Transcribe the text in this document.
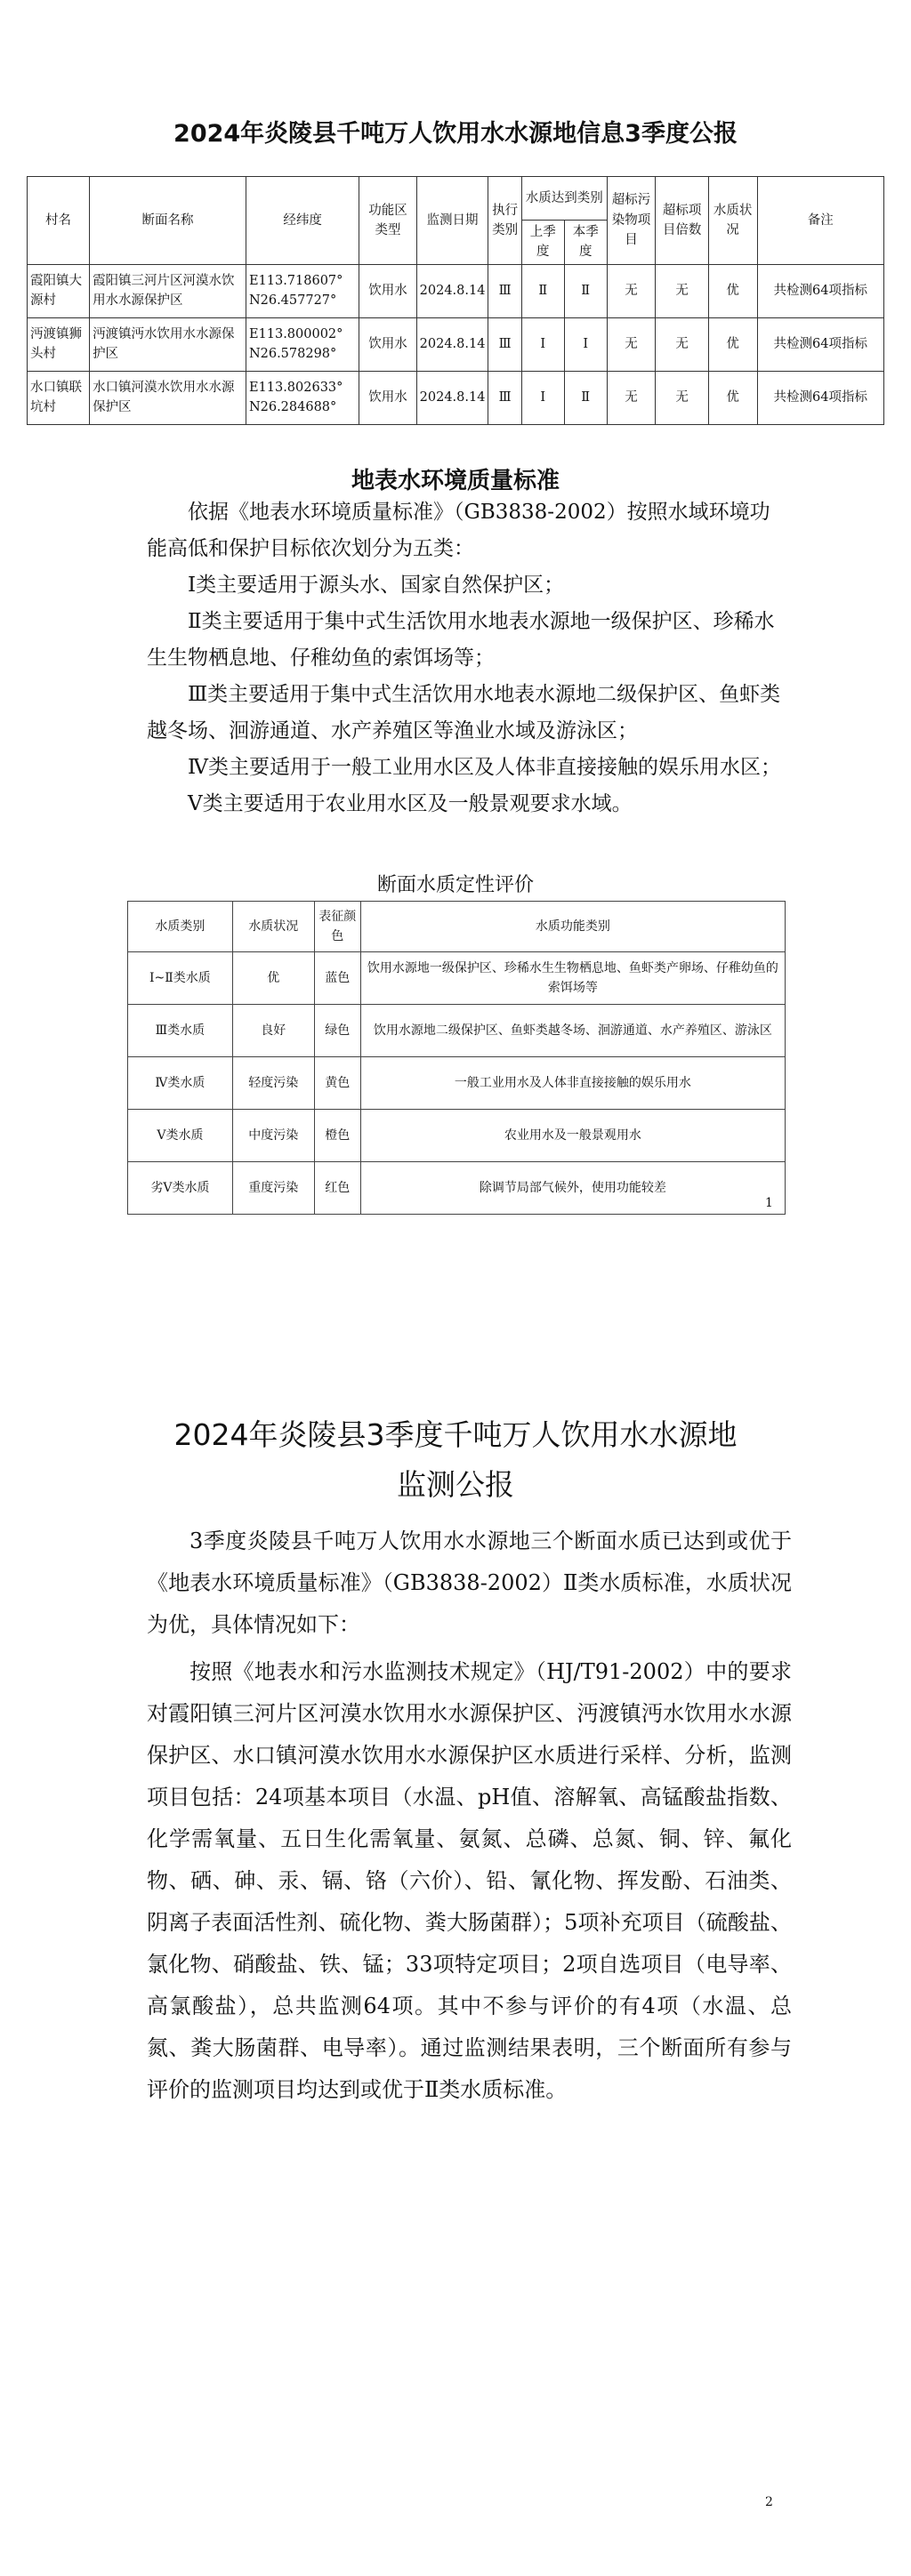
2024年炎陵县千吨万人饮用水水源地信息3季度公报
村名	断面名称	经纬度	功能区类型	监测日期	执行类别	水质达到类别		超标污染物项目	超标项目倍数	水质状况	备注
						上季度	本季度				
霞阳镇大源村	霞阳镇三河片区河漠水饮用水水源保护区	E113.718607° N26.457727°	饮用水	2024.8.14	Ⅲ	Ⅱ	Ⅱ	无	无	优	共检测64项指标
沔渡镇狮头村	沔渡镇沔水饮用水水源保护区	E113.800002° N26.578298°	饮用水	2024.8.14	Ⅲ	Ⅰ	Ⅰ	无	无	优	共检测64项指标
水口镇联坑村	水口镇河漠水饮用水水源保护区	E113.802633° N26.284688°	饮用水	2024.8.14	Ⅲ	Ⅰ	Ⅱ	无	无	优	共检测64项指标
地表水环境质量标准

依据《地表水环境质量标准》（GB3838-2002）按照水域环境功能高低和保护目标依次划分为五类：

Ⅰ类主要适用于源头水、国家自然保护区；

Ⅱ类主要适用于集中式生活饮用水地表水源地一级保护区、珍稀水生生物栖息地、仔稚幼鱼的索饵场等；

Ⅲ类主要适用于集中式生活饮用水地表水源地二级保护区、鱼虾类越冬场、洄游通道、水产养殖区等渔业水域及游泳区；

Ⅳ类主要适用于一般工业用水区及人体非直接接触的娱乐用水区；

Ⅴ类主要适用于农业用水区及一般景观要求水域。

断面水质定性评价
水质类别	水质状况	表征颜色	水质功能类别
Ⅰ~Ⅱ类水质	优	蓝色	饮用水源地一级保护区、珍稀水生生物栖息地、鱼虾类产卵场、仔稚幼鱼的索饵场等
Ⅲ类水质	良好	绿色	饮用水源地二级保护区、鱼虾类越冬场、洄游通道、水产养殖区、游泳区
Ⅳ类水质	轻度污染	黄色	一般工业用水及人体非直接接触的娱乐用水
Ⅴ类水质	中度污染	橙色	农业用水及一般景观用水
劣Ⅴ类水质	重度污染	红色	除调节局部气候外，使用功能较差
1
2024年炎陵县3季度千吨万人饮用水水源地
监测公报

3季度炎陵县千吨万人饮用水水源地三个断面水质已达到或优于《地表水环境质量标准》（GB3838-2002）Ⅱ类水质标准，水质状况为优，具体情况如下：

按照《地表水和污水监测技术规定》（HJ/T91-2002）中的要求对霞阳镇三河片区河漠水饮用水水源保护区、沔渡镇沔水饮用水水源保护区、水口镇河漠水饮用水水源保护区水质进行采样、分析，监测项目包括：24项基本项目（水温、pH值、溶解氧、高锰酸盐指数、化学需氧量、五日生化需氧量、氨氮、总磷、总氮、铜、锌、氟化物、硒、砷、汞、镉、铬（六价）、铅、氰化物、挥发酚、石油类、阴离子表面活性剂、硫化物、粪大肠菌群）；5项补充项目（硫酸盐、氯化物、硝酸盐、铁、锰；33项特定项目；2项自选项目（电导率、高氯酸盐），总共监测64项。其中不参与评价的有4项（水温、总氮、粪大肠菌群、电导率）。通过监测结果表明，三个断面所有参与评价的监测项目均达到或优于Ⅱ类水质标准。

2
